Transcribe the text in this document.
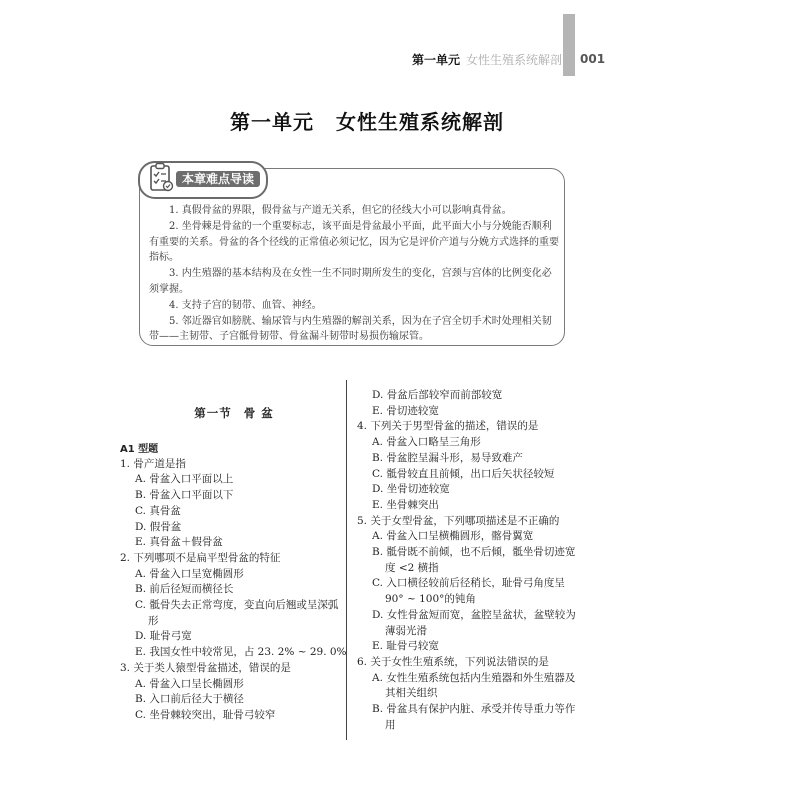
第一单元 女性生殖系统解剖 001
第一单元 女性生殖系统解剖
本章难点导读

1. 真假骨盆的界限，假骨盆与产道无关系，但它的径线大小可以影响真骨盆。

2. 坐骨棘是骨盆的一个重要标志，该平面是骨盆最小平面，此平面大小与分娩能否顺利有重要的关系。骨盆的各个径线的正常值必须记忆，因为它是评价产道与分娩方式选择的重要指标。

3. 内生殖器的基本结构及在女性一生不同时期所发生的变化，宫颈与宫体的比例变化必须掌握。

4. 支持子宫的韧带、血管、神经。

5. 邻近器官如膀胱、输尿管与内生殖器的解剖关系，因为在子宫全切手术时处理相关韧带——主韧带、子宫骶骨韧带、骨盆漏斗韧带时易损伤输尿管。

第一节 骨 盆
A1 型题

1. 骨产道是指

A. 骨盆入口平面以上

B. 骨盆入口平面以下

C. 真骨盆

D. 假骨盆

E. 真骨盆＋假骨盆

2. 下列哪项不是扁平型骨盆的特征

A. 骨盆入口呈宽椭圆形

B. 前后径短而横径长

C. 骶骨失去正常弯度，变直向后翘或呈深弧形

D. 耻骨弓宽

E. 我国女性中较常见，占 23. 2% ~ 29. 0%

3. 关于类人猿型骨盆描述，错误的是

A. 骨盆入口呈长椭圆形

B. 入口前后径大于横径

C. 坐骨棘较突出，耻骨弓较窄

D. 骨盆后部较窄而前部较宽

E. 骨切迹较宽

4. 下列关于男型骨盆的描述，错误的是

A. 骨盆入口略呈三角形

B. 骨盆腔呈漏斗形，易导致难产

C. 骶骨较直且前倾，出口后矢状径较短

D. 坐骨切迹较宽

E. 坐骨棘突出

5. 关于女型骨盆，下列哪项描述是不正确的

A. 骨盆入口呈横椭圆形，髂骨翼宽

B. 骶骨既不前倾，也不后倾，骶坐骨切迹宽度 <2 横指

C. 入口横径较前后径稍长，耻骨弓角度呈 90° ~ 100°的钝角

D. 女性骨盆短而宽，盆腔呈盆状，盆壁较为薄弱光滑

E. 耻骨弓较宽

6. 关于女性生殖系统，下列说法错误的是

A. 女性生殖系统包括内生殖器和外生殖器及其相关组织

B. 骨盆具有保护内脏、承受并传导重力等作用
